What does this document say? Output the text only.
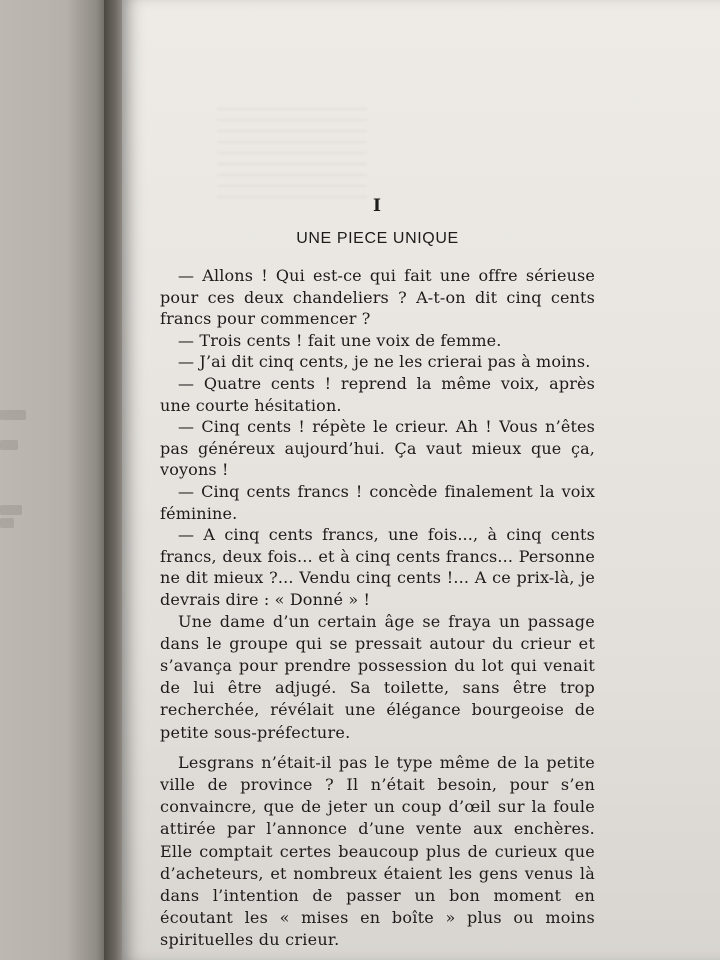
I
UNE PIECE UNIQUE

— Allons ! Qui est-ce qui fait une offre sérieuse pour ces deux chandeliers ? A-t-on dit cinq cents francs pour commencer ?

— Trois cents ! fait une voix de femme.

— J’ai dit cinq cents, je ne les crierai pas à moins.

— Quatre cents ! reprend la même voix, après une courte hésitation.

— Cinq cents ! répète le crieur. Ah ! Vous n’êtes pas généreux aujourd’hui. Ça vaut mieux que ça, voyons !

— Cinq cents francs ! concède finalement la voix féminine.

— A cinq cents francs, une fois..., à cinq cents francs, deux fois... et à cinq cents francs... Personne ne dit mieux ?... Vendu cinq cents !... A ce prix-là, je devrais dire : « Donné » !

Une dame d’un certain âge se fraya un passage dans le groupe qui se pressait autour du crieur et s’avança pour prendre possession du lot qui venait de lui être adjugé. Sa toilette, sans être trop recherchée, révélait une élégance bourgeoise de petite sous-préfecture.

Lesgrans n’était-il pas le type même de la petite ville de province ? Il n’était besoin, pour s’en convaincre, que de jeter un coup d’œil sur la foule attirée par l’annonce d’une vente aux enchères. Elle comptait certes beaucoup plus de curieux que d’acheteurs, et nombreux étaient les gens venus là dans l’intention de passer un bon moment en écoutant les « mises en boîte » plus ou moins spirituelles du crieur.
